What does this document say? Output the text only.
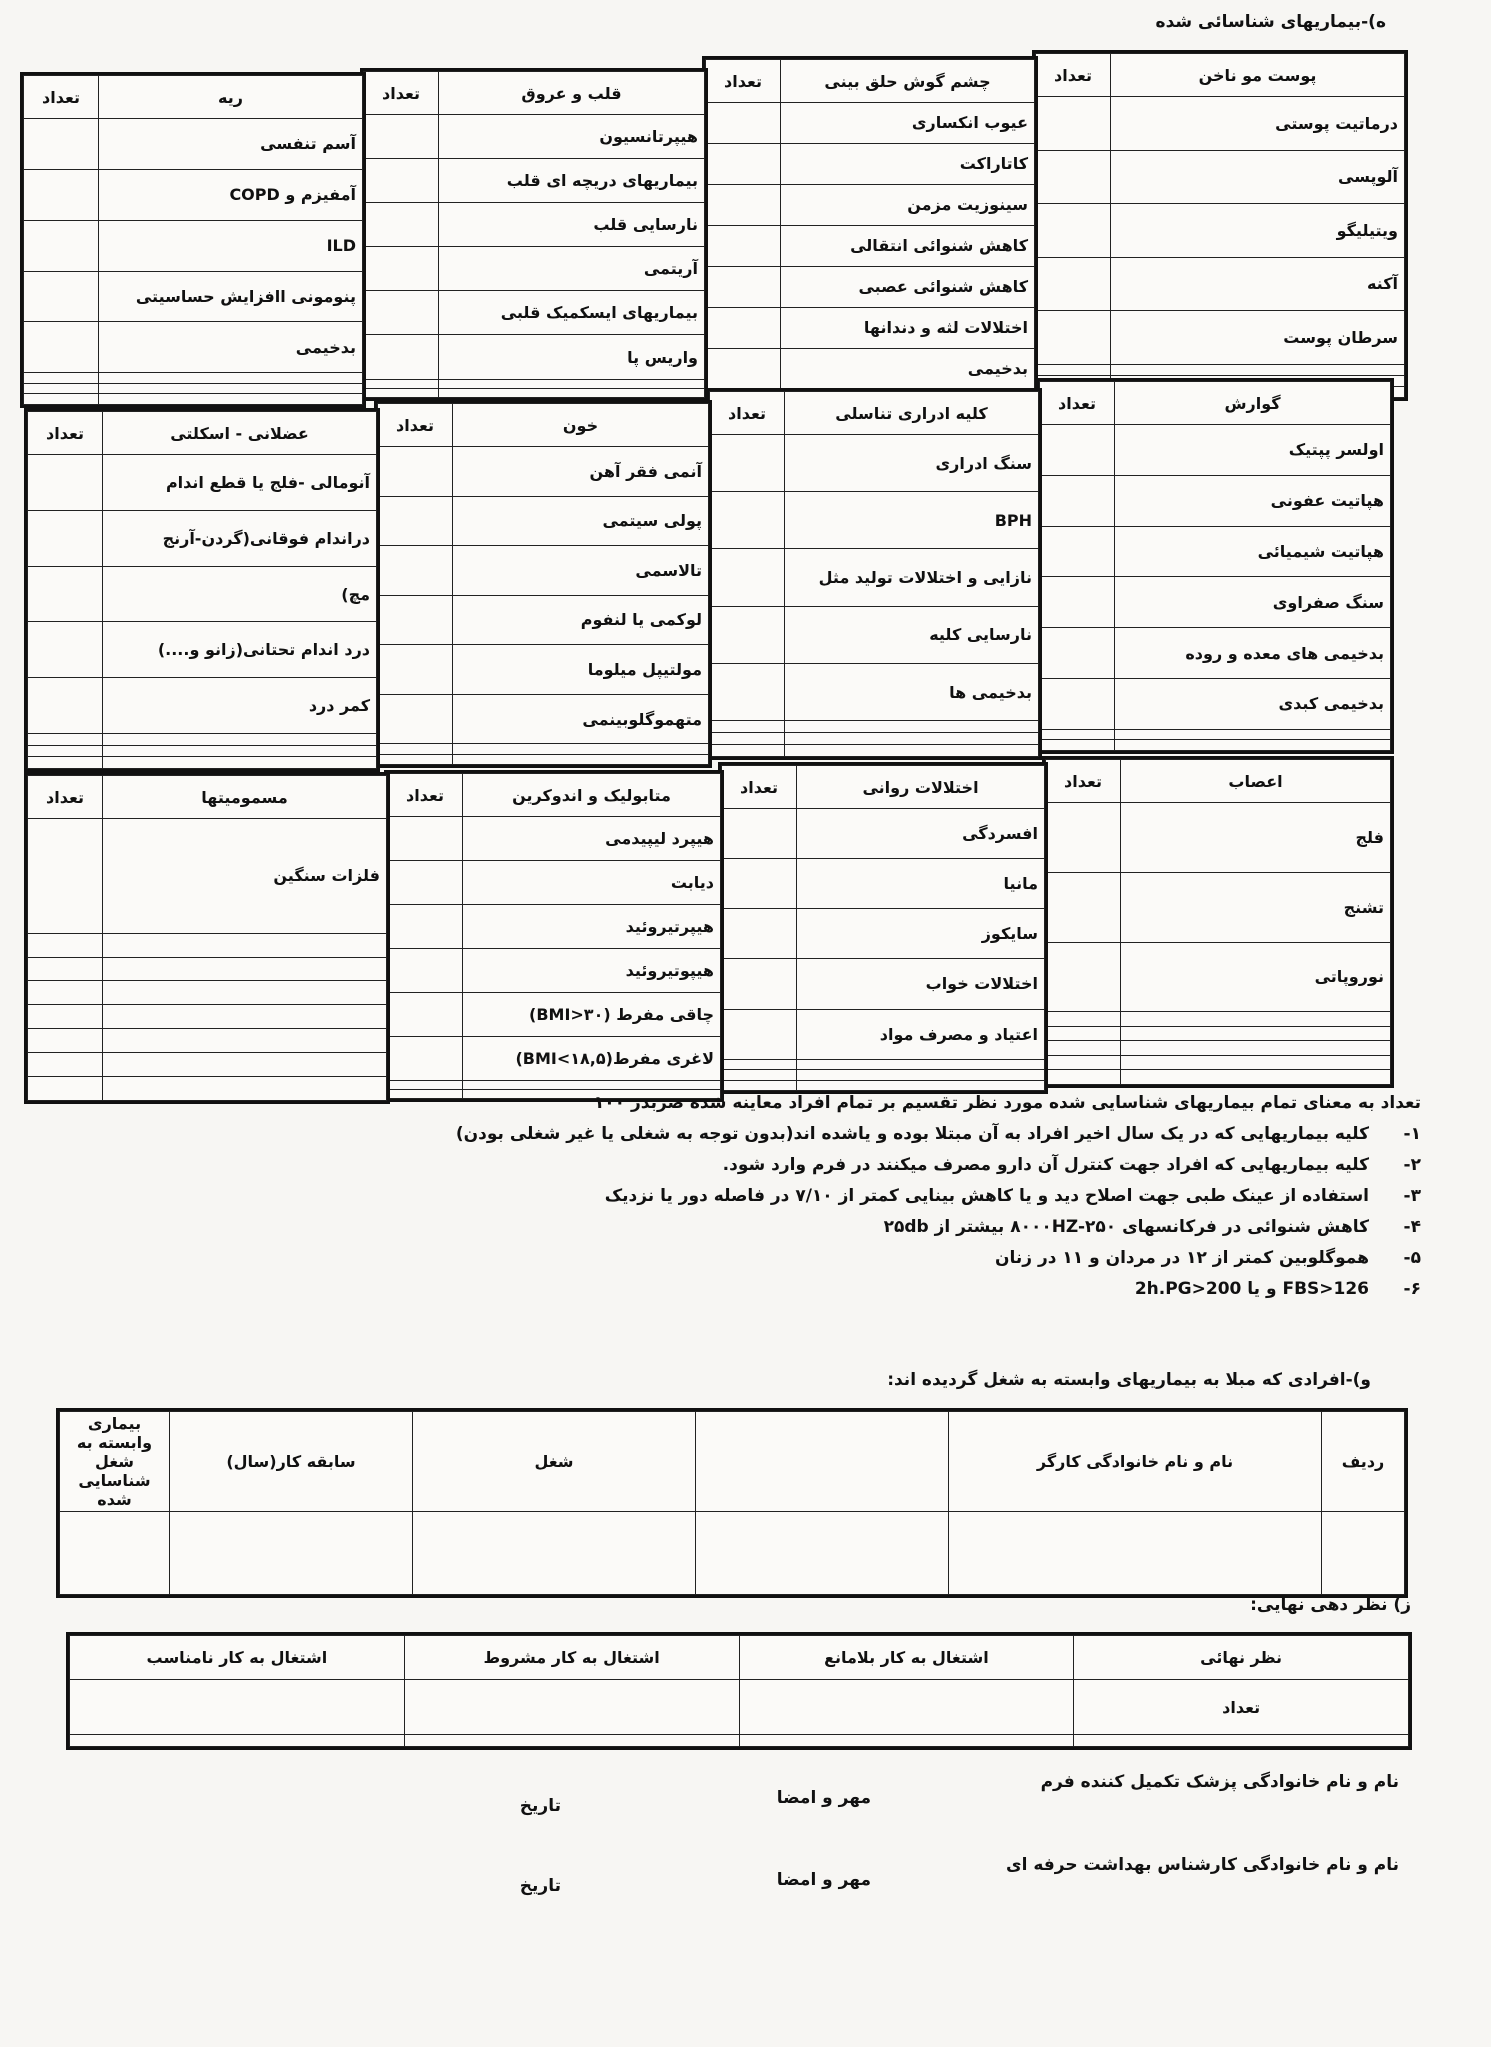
ه)-بیماریهای شناسائی شده
پوست مو ناخن	تعداد
درماتیت پوستی	
آلوپسی	
ویتیلیگو	
آکنه	
سرطان پوست	

چشم گوش حلق بینی	تعداد
عیوب انکساری	
کاتاراکت	
سینوزیت مزمن	
کاهش شنوائی انتقالی	
کاهش شنوائی عصبی	
اختلالات لثه و دندانها	
بدخیمی	

قلب و عروق	تعداد
هیپرتانسیون	
بیماریهای دریچه ای قلب	
نارسایی قلب	
آریتمی	
بیماریهای ایسکمیک قلبی	
واریس پا	

ریه	تعداد
آسم تنفسی	
آمفیزم و COPD	
ILD	
پنومونی اافزایش حساسیتی	
بدخیمی	

گوارش	تعداد
اولسر پپتیک	
هپاتیت عفونی	
هپاتیت شیمیائی	
سنگ صفراوی	
بدخیمی های معده و روده	
بدخیمی کبدی	

کلیه ادراری تناسلی	تعداد
سنگ ادراری	
BPH	
نازایی و اختلالات تولید مثل	
نارسایی کلیه	
بدخیمی ها	

خون	تعداد
آنمی فقر آهن	
پولی سیتمی	
تالاسمی	
لوکمی یا لنفوم	
مولتیپل میلوما	
متهموگلوبینمی	

عضلانی - اسکلتی	تعداد
آنومالی -فلج یا قطع اندام	
دراندام فوقانی(گردن-آرنج	
مچ)	
درد اندام تحتانی(زانو و....)	
کمر درد	

اعصاب	تعداد
فلج	
تشنج	
نوروپاتی	

اختلالات روانی	تعداد
افسردگی	
مانیا	
سایکوز	
اختلالات خواب	
اعتیاد و مصرف مواد	

متابولیک و اندوکرین	تعداد
هیپرد لیپیدمی	
دیابت	
هیپرتیروئید	
هیپوتیروئید	
چاقی مفرط (BMI>۳۰)	
لاغری مفرط(BMI<۱۸,۵)	

مسمومیتها	تعداد
فلزات سنگین	

تعداد به معنای تمام بیماریهای شناسایی شده مورد نظر تقسیم بر تمام افراد معاینه شده ضربدر ۱۰۰
۱-کلیه بیماریهایی که در یک سال اخیر افراد به آن مبتلا بوده و یاشده اند(بدون توجه به شغلی یا غیر شغلی بودن)
۲-کلیه بیماریهایی که افراد جهت کنترل آن دارو مصرف میکنند در فرم وارد شود.
۳-استفاده از عینک طبی جهت اصلاح دید و یا کاهش بینایی کمتر از ۷/۱۰ در فاصله دور یا نزدیک
۴-کاهش شنوائی در فرکانسهای ۸۰۰۰HZ-۲۵۰ بیشتر از ۲۵db
۵-هموگلوبین کمتر از ۱۲ در مردان و ۱۱ در زنان
۶-FBS>126 و یا 2h.PG>200
و)-افرادی که مبلا به بیماریهای وابسته به شغل گردیده اند:
ردیف	نام و نام خانوادگی کارگر		شغل	سابقه کار(سال)	بیماری وابسته به شغل شناسایی شده

ز) نظر دهی نهایی:
نظر نهائی	اشتغال به کار بلامانع	اشتغال به کار مشروط	اشتغال به کار نامناسب
تعداد			

نام و نام خانوادگی پزشک تکمیل کننده فرم
مهر و امضا
تاریخ
نام و نام خانوادگی کارشناس بهداشت حرفه ای
مهر و امضا
تاریخ
